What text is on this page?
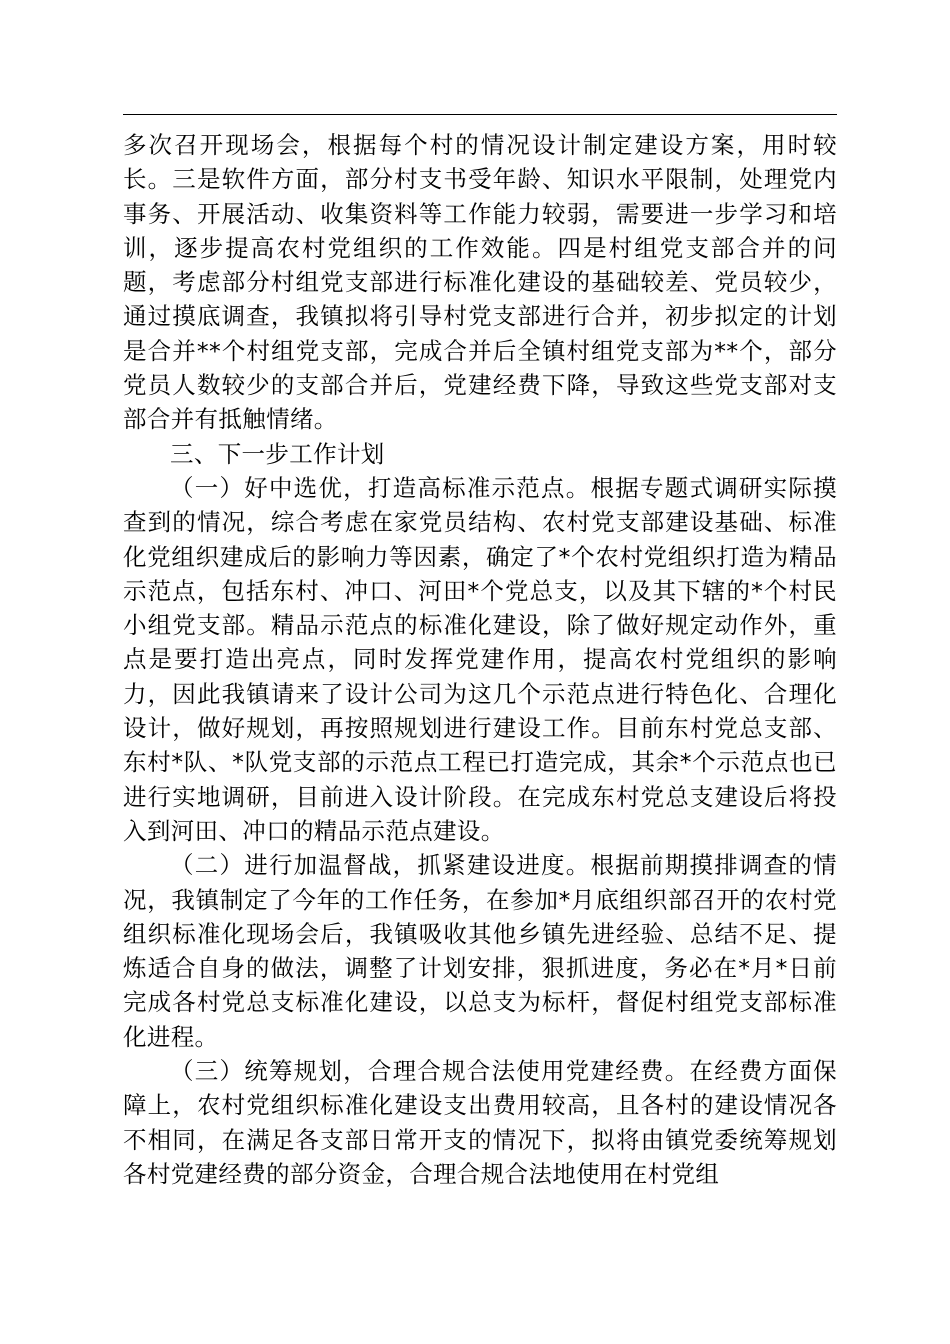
多次召开现场会，根据每个村的情况设计制定建设方案，用时较长。三是软件方面，部分村支书受年龄、知识水平限制，处理党内事务、开展活动、收集资料等工作能力较弱，需要进一步学习和培训，逐步提高农村党组织的工作效能。四是村组党支部合并的问题，考虑部分村组党支部进行标准化建设的基础较差、党员较少，通过摸底调查，我镇拟将引导村党支部进行合并，初步拟定的计划是合并**个村组党支部，完成合并后全镇村组党支部为**个，部分党员人数较少的支部合并后，党建经费下降，导致这些党支部对支部合并有抵触情绪。

三、下一步工作计划

（一）好中选优，打造高标准示范点。根据专题式调研实际摸查到的情况，综合考虑在家党员结构、农村党支部建设基础、标准化党组织建成后的影响力等因素，确定了*个农村党组织打造为精品示范点，包括东村、冲口、河田*个党总支，以及其下辖的*个村民小组党支部。精品示范点的标准化建设，除了做好规定动作外，重点是要打造出亮点，同时发挥党建作用，提高农村党组织的影响力，因此我镇请来了设计公司为这几个示范点进行特色化、合理化设计，做好规划，再按照规划进行建设工作。目前东村党总支部、东村*队、*队党支部的示范点工程已打造完成，其余*个示范点也已进行实地调研，目前进入设计阶段。在完成东村党总支建设后将投入到河田、冲口的精品示范点建设。

（二）进行加温督战，抓紧建设进度。根据前期摸排调查的情况，我镇制定了今年的工作任务，在参加*月底组织部召开的农村党组织标准化现场会后，我镇吸收其他乡镇先进经验、总结不足、提炼适合自身的做法，调整了计划安排，狠抓进度，务必在*月*日前完成各村党总支标准化建设，以总支为标杆，督促村组党支部标准化进程。

（三）统筹规划，合理合规合法使用党建经费。在经费方面保障上，农村党组织标准化建设支出费用较高，且各村的建设情况各不相同，在满足各支部日常开支的情况下，拟将由镇党委统筹规划各村党建经费的部分资金，合理合规合法地使用在村党组
